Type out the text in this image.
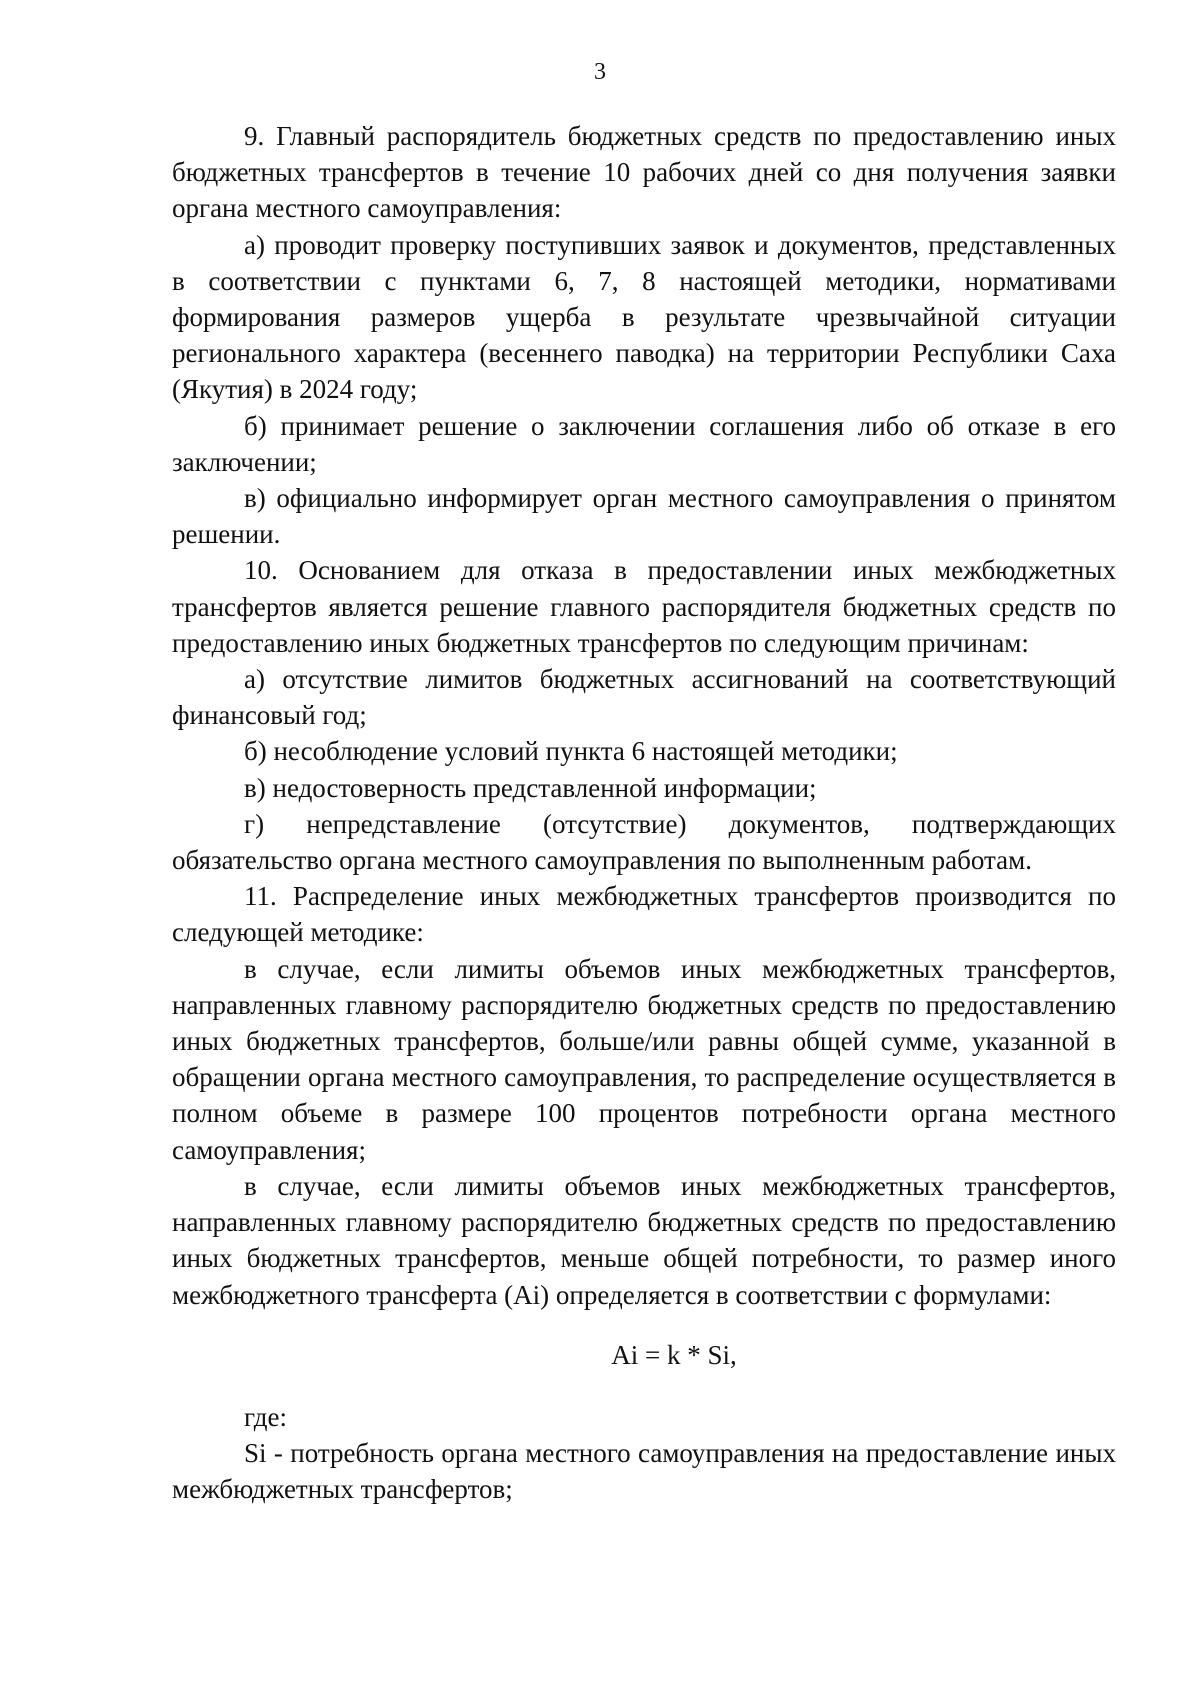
3

9. Главный распорядитель бюджетных средств по предоставлению иных бюджетных трансфертов в течение 10 рабочих дней со дня получения заявки органа местного самоуправления:

а) проводит проверку поступивших заявок и документов, представленных в соответствии с пунктами 6, 7, 8 настоящей методики, нормативами формирования размеров ущерба в результате чрезвычайной ситуации регионального характера (весеннего паводка) на территории Республики Саха (Якутия) в 2024 году;

б) принимает решение о заключении соглашения либо об отказе в его заключении;

в) официально информирует орган местного самоуправления о принятом решении.

10. Основанием для отказа в предоставлении иных межбюджетных трансфертов является решение главного распорядителя бюджетных средств по предоставлению иных бюджетных трансфертов по следующим причинам:

а) отсутствие лимитов бюджетных ассигнований на соответствующий финансовый год;

б) несоблюдение условий пункта 6 настоящей методики;

в) недостоверность представленной информации;

г) непредставление (отсутствие) документов, подтверждающих обязательство органа местного самоуправления по выполненным работам.

11. Распределение иных межбюджетных трансфертов производится по следующей методике:

в случае, если лимиты объемов иных межбюджетных трансфертов, направленных главному распорядителю бюджетных средств по предоставлению иных бюджетных трансфертов, больше/или равны общей сумме, указанной в обращении органа местного самоуправления, то распределение осуществляется в полном объеме в размере 100 процентов потребности органа местного самоуправления;

в случае, если лимиты объемов иных межбюджетных трансфертов, направленных главному распорядителю бюджетных средств по предоставлению иных бюджетных трансфертов, меньше общей потребности, то размер иного межбюджетного трансферта (Ai) определяется в соответствии с формулами:

Ai = k * Si,

где:

Si - потребность органа местного самоуправления на предоставление иных межбюджетных трансфертов;
